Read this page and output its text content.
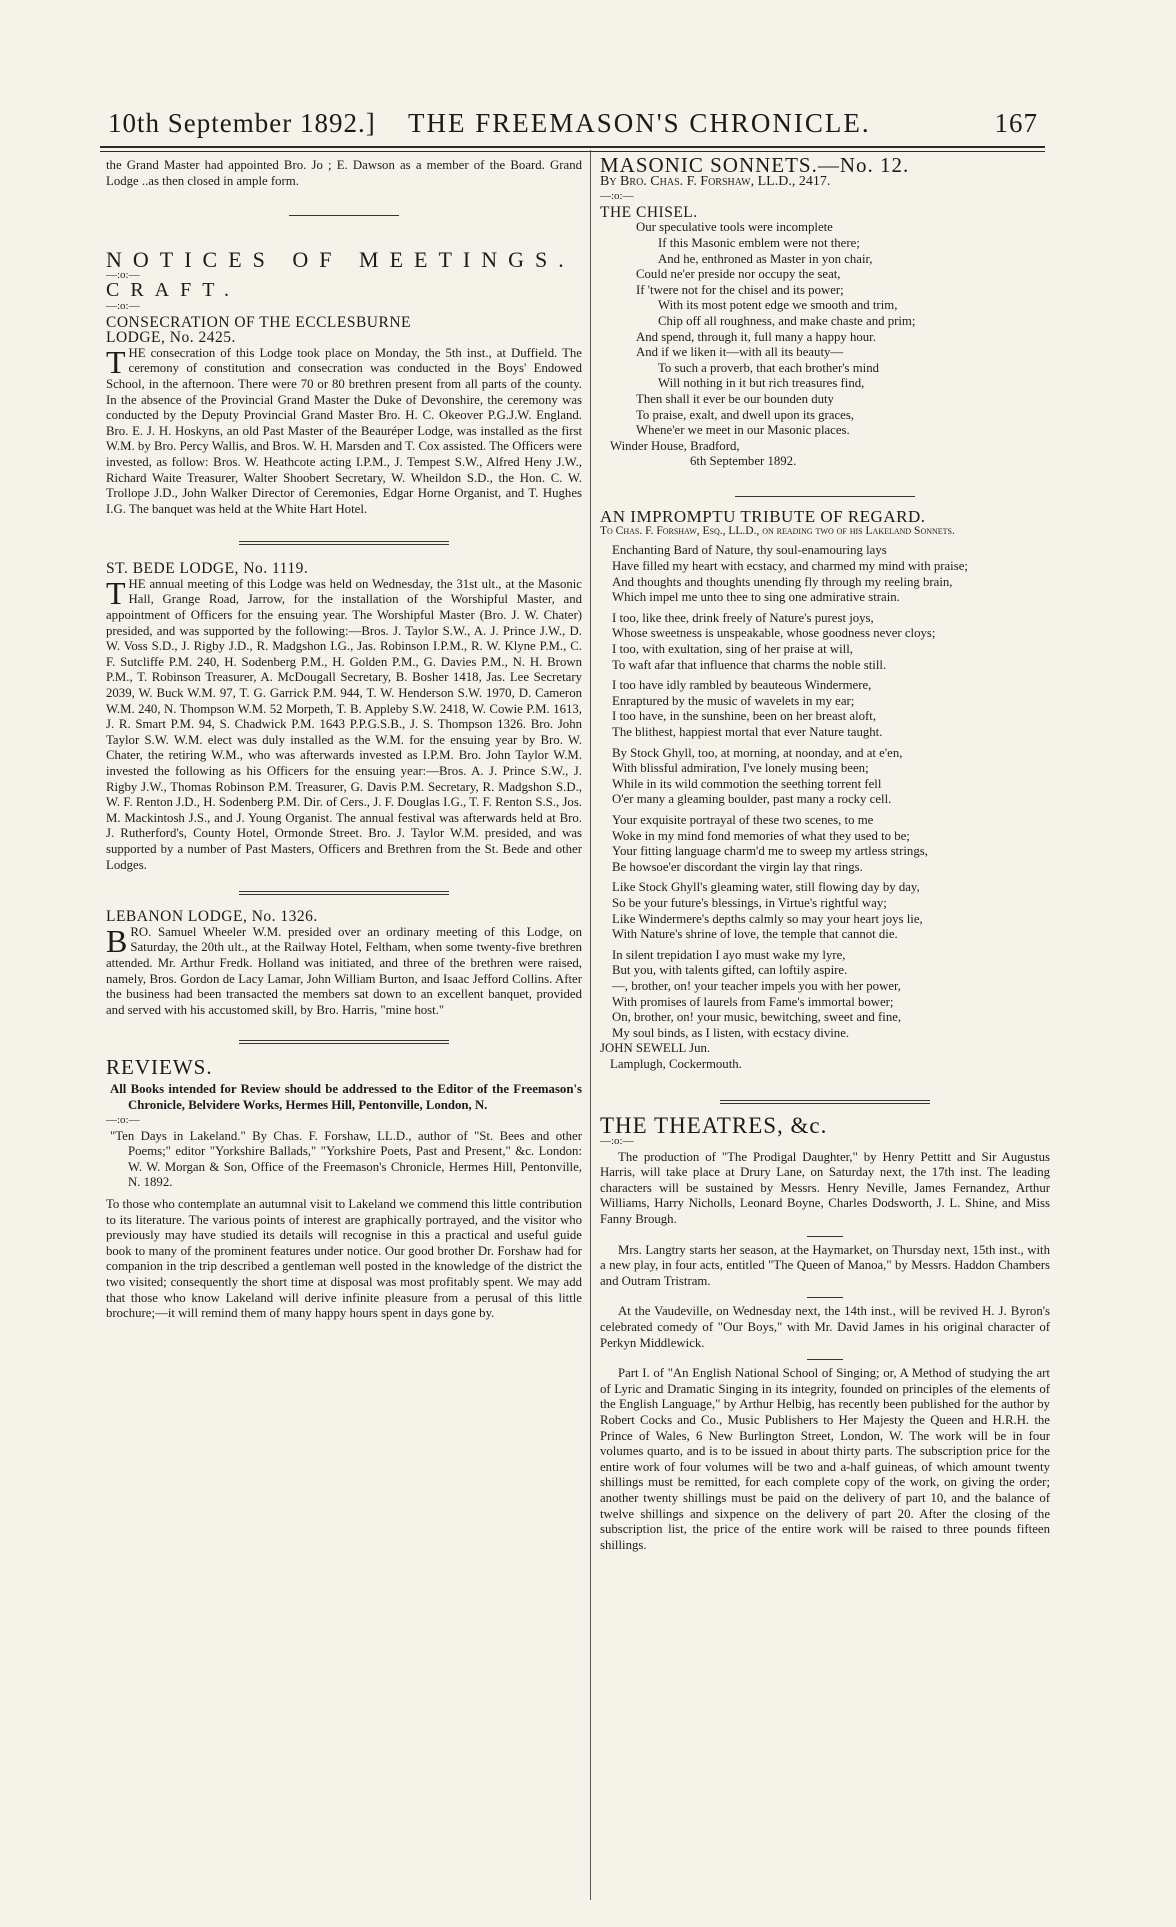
10th September 1892.] THE FREEMASON'S CHRONICLE.	167

the Grand Master had appointed Bro. Jo ; E. Dawson as a member of the Board. Grand Lodge ..as then closed in ample form.

NOTICES OF MEETINGS.

—:o:—

CRAFT.

—:o:—

CONSECRATION OF THE ECCLESBURNE

LODGE, No. 2425.

THE consecration of this Lodge took place on Monday, the 5th inst., at Duffield. The ceremony of constitution and consecration was conducted in the Boys' Endowed School, in the afternoon. There were 70 or 80 brethren present from all parts of the county. In the absence of the Provincial Grand Master the Duke of Devonshire, the ceremony was conducted by the Deputy Provincial Grand Master Bro. H. C. Okeover P.G.J.W. England. Bro. E. J. H. Hoskyns, an old Past Master of the Beauréper Lodge, was installed as the first W.M. by Bro. Percy Wallis, and Bros. W. H. Marsden and T. Cox assisted. The Officers were invested, as follow: Bros. W. Heathcote acting I.P.M., J. Tempest S.W., Alfred Heny J.W., Richard Waite Treasurer, Walter Shoobert Secretary, W. Wheildon S.D., the Hon. C. W. Trollope J.D., John Walker Director of Ceremonies, Edgar Horne Organist, and T. Hughes I.G. The banquet was held at the White Hart Hotel.

ST. BEDE LODGE, No. 1119.

THE annual meeting of this Lodge was held on Wednesday, the 31st ult., at the Masonic Hall, Grange Road, Jarrow, for the installation of the Worshipful Master, and appointment of Officers for the ensuing year. The Worshipful Master (Bro. J. W. Chater) presided, and was supported by the following:—Bros. J. Taylor S.W., A. J. Prince J.W., D. W. Voss S.D., J. Rigby J.D., R. Madgshon I.G., Jas. Robinson I.P.M., R. W. Klyne P.M., C. F. Sutcliffe P.M. 240, H. Sodenberg P.M., H. Golden P.M., G. Davies P.M., N. H. Brown P.M., T. Robinson Treasurer, A. McDougall Secretary, B. Bosher 1418, Jas. Lee Secretary 2039, W. Buck W.M. 97, T. G. Garrick P.M. 944, T. W. Henderson S.W. 1970, D. Cameron W.M. 240, N. Thompson W.M. 52 Morpeth, T. B. Appleby S.W. 2418, W. Cowie P.M. 1613, J. R. Smart P.M. 94, S. Chadwick P.M. 1643 P.P.G.S.B., J. S. Thompson 1326. Bro. John Taylor S.W. W.M. elect was duly installed as the W.M. for the ensuing year by Bro. W. Chater, the retiring W.M., who was afterwards invested as I.P.M. Bro. John Taylor W.M. invested the following as his Officers for the ensuing year:—Bros. A. J. Prince S.W., J. Rigby J.W., Thomas Robinson P.M. Treasurer, G. Davis P.M. Secretary, R. Madgshon S.D., W. F. Renton J.D., H. Sodenberg P.M. Dir. of Cers., J. F. Douglas I.G., T. F. Renton S.S., Jos. M. Mackintosh J.S., and J. Young Organist. The annual festival was afterwards held at Bro. J. Rutherford's, County Hotel, Ormonde Street. Bro. J. Taylor W.M. presided, and was supported by a number of Past Masters, Officers and Brethren from the St. Bede and other Lodges.

LEBANON LODGE, No. 1326.

BRO. Samuel Wheeler W.M. presided over an ordinary meeting of this Lodge, on Saturday, the 20th ult., at the Railway Hotel, Feltham, when some twenty-five brethren attended. Mr. Arthur Fredk. Holland was initiated, and three of the brethren were raised, namely, Bros. Gordon de Lacy Lamar, John William Burton, and Isaac Jefford Collins. After the business had been transacted the members sat down to an excellent banquet, provided and served with his accustomed skill, by Bro. Harris, "mine host."

REVIEWS.

All Books intended for Review should be addressed to the Editor of the Freemason's Chronicle, Belvidere Works, Hermes Hill, Pentonville, London, N.

—:o:—

"Ten Days in Lakeland." By Chas. F. Forshaw, LL.D., author of "St. Bees and other Poems;" editor "Yorkshire Ballads," "Yorkshire Poets, Past and Present," &c. London: W. W. Morgan & Son, Office of the Freemason's Chronicle, Hermes Hill, Pentonville, N. 1892.

To those who contemplate an autumnal visit to Lakeland we commend this little contribution to its literature. The various points of interest are graphically portrayed, and the visitor who previously may have studied its details will recognise in this a practical and useful guide book to many of the prominent features under notice. Our good brother Dr. Forshaw had for companion in the trip described a gentleman well posted in the knowledge of the district the two visited; consequently the short time at disposal was most profitably spent. We may add that those who know Lakeland will derive infinite pleasure from a perusal of this little brochure;—it will remind them of many happy hours spent in days gone by.

MASONIC SONNETS.—No. 12.

By Bro. Chas. F. Forshaw, LL.D., 2417.

—:o:—

THE CHISEL.

Our speculative tools were incomplete
If this Masonic emblem were not there;
And he, enthroned as Master in yon chair,
Could ne'er preside nor occupy the seat,
If 'twere not for the chisel and its power;
With its most potent edge we smooth and trim,
Chip off all roughness, and make chaste and prim;
And spend, through it, full many a happy hour.
And if we liken it—with all its beauty—
To such a proverb, that each brother's mind
Will nothing in it but rich treasures find,
Then shall it ever be our bounden duty
To praise, exalt, and dwell upon its graces,
Whene'er we meet in our Masonic places.

Winder House, Bradford,

6th September 1892.

AN IMPROMPTU TRIBUTE OF REGARD.

To Chas. F. Forshaw, Esq., LL.D., on reading two of his Lakeland Sonnets.

Enchanting Bard of Nature, thy soul-enamouring lays
Have filled my heart with ecstacy, and charmed my mind with praise;
And thoughts and thoughts unending fly through my reeling brain,
Which impel me unto thee to sing one admirative strain.
I too, like thee, drink freely of Nature's purest joys,
Whose sweetness is unspeakable, whose goodness never cloys;
I too, with exultation, sing of her praise at will,
To waft afar that influence that charms the noble still.
I too have idly rambled by beauteous Windermere,
Enraptured by the music of wavelets in my ear;
I too have, in the sunshine, been on her breast aloft,
The blithest, happiest mortal that ever Nature taught.
By Stock Ghyll, too, at morning, at noonday, and at e'en,
With blissful admiration, I've lonely musing been;
While in its wild commotion the seething torrent fell
O'er many a gleaming boulder, past many a rocky cell.
Your exquisite portrayal of these two scenes, to me
Woke in my mind fond memories of what they used to be;
Your fitting language charm'd me to sweep my artless strings,
Be howsoe'er discordant the virgin lay that rings.
Like Stock Ghyll's gleaming water, still flowing day by day,
So be your future's blessings, in Virtue's rightful way;
Like Windermere's depths calmly so may your heart joys lie,
With Nature's shrine of love, the temple that cannot die.
In silent trepidation I ayo must wake my lyre,
But you, with talents gifted, can loftily aspire.
—, brother, on! your teacher impels you with her power,
With promises of laurels from Fame's immortal bower;
On, brother, on! your music, bewitching, sweet and fine,
My soul binds, as I listen, with ecstacy divine.

JOHN SEWELL Jun.

Lamplugh, Cockermouth.

THE THEATRES, &c.

—:o:—

The production of "The Prodigal Daughter," by Henry Pettitt and Sir Augustus Harris, will take place at Drury Lane, on Saturday next, the 17th inst. The leading characters will be sustained by Messrs. Henry Neville, James Fernandez, Arthur Williams, Harry Nicholls, Leonard Boyne, Charles Dodsworth, J. L. Shine, and Miss Fanny Brough.

Mrs. Langtry starts her season, at the Haymarket, on Thursday next, 15th inst., with a new play, in four acts, entitled "The Queen of Manoa," by Messrs. Haddon Chambers and Outram Tristram.

At the Vaudeville, on Wednesday next, the 14th inst., will be revived H. J. Byron's celebrated comedy of "Our Boys," with Mr. David James in his original character of Perkyn Middlewick.

Part I. of "An English National School of Singing; or, A Method of studying the art of Lyric and Dramatic Singing in its integrity, founded on principles of the elements of the English Language," by Arthur Helbig, has recently been published for the author by Robert Cocks and Co., Music Publishers to Her Majesty the Queen and H.R.H. the Prince of Wales, 6 New Burlington Street, London, W. The work will be in four volumes quarto, and is to be issued in about thirty parts. The subscription price for the entire work of four volumes will be two and a-half guineas, of which amount twenty shillings must be remitted, for each complete copy of the work, on giving the order; another twenty shillings must be paid on the delivery of part 10, and the balance of twelve shillings and sixpence on the delivery of part 20. After the closing of the subscription list, the price of the entire work will be raised to three pounds fifteen shillings.
